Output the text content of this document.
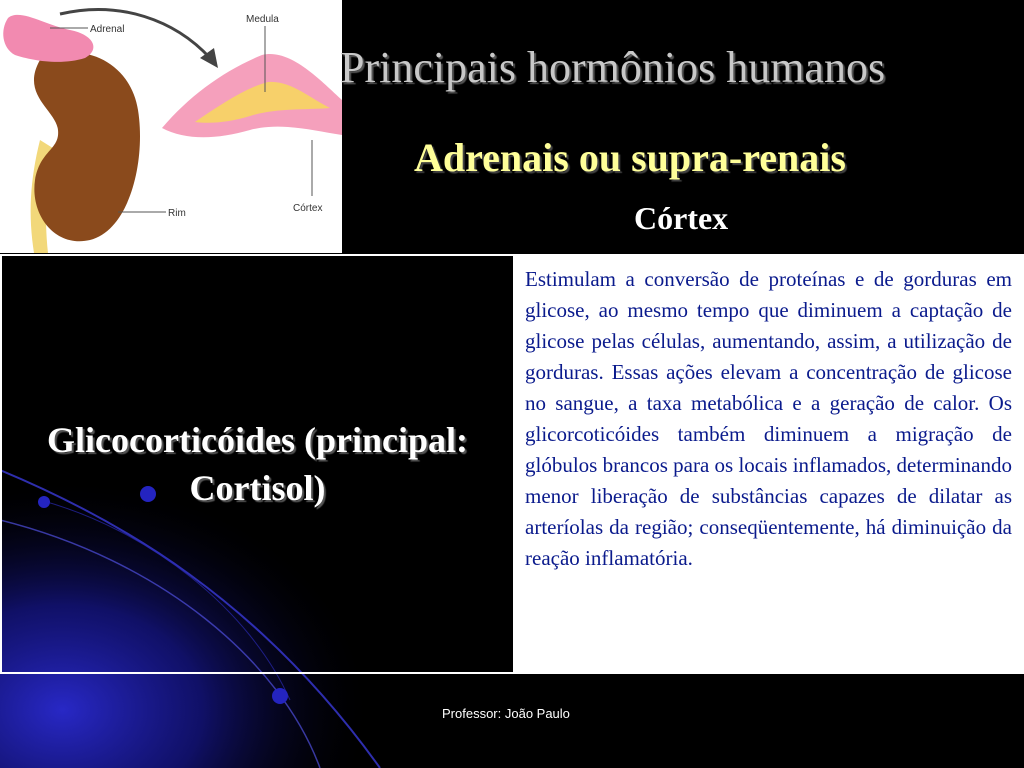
Adrenal
Medula
Rim	Córtex
Principais hormônios humanos
Adrenais ou supra-renais
Córtex
Glicocorticóides (principal: Cortisol)

Estimulam a conversão de proteínas e de gorduras em glicose, ao mesmo tempo que diminuem a captação de glicose pelas células, aumentando, assim, a utilização de gorduras. Essas ações elevam a concentração de glicose no sangue, a taxa metabólica e a geração de calor. Os glicorcoticóides também diminuem a migração de glóbulos brancos para os locais inflamados, determinando menor liberação de substâncias capazes de dilatar as arteríolas da região; conseqüentemente, há diminuição da reação inflamatória.
Professor: João Paulo
